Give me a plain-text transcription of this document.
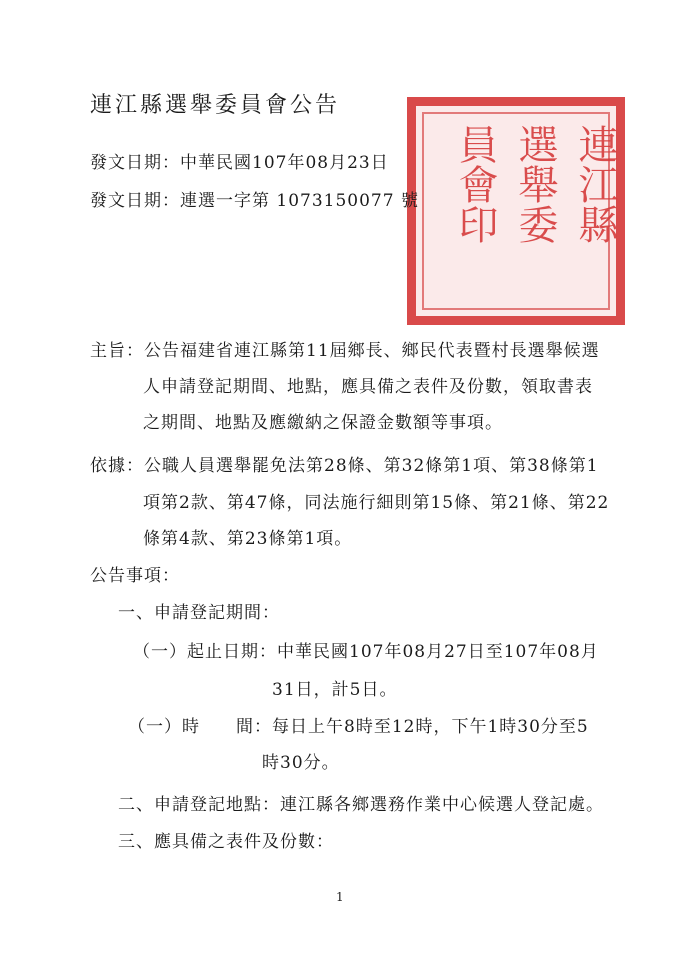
連江縣選舉委員會公告
連江縣
選舉委
員會印
發文日期：中華民國107年08月23日
發文日期：連選一字第 1073150077 號
主旨：公告福建省連江縣第11屆鄉長、鄉民代表暨村長選舉候選
人申請登記期間、地點，應具備之表件及份數，領取書表
之期間、地點及應繳納之保證金數額等事項。
依據：公職人員選舉罷免法第28條、第32條第1項、第38條第1
項第2款、第47條，同法施行細則第15條、第21條、第22
條第4款、第23條第1項。
公告事項：
一、申請登記期間：
（一）起止日期：中華民國107年08月27日至107年08月
31日，計5日。
（一）時　　間：每日上午8時至12時，下午1時30分至5
時30分。
二、申請登記地點：連江縣各鄉選務作業中心候選人登記處。
三、應具備之表件及份數：
1
